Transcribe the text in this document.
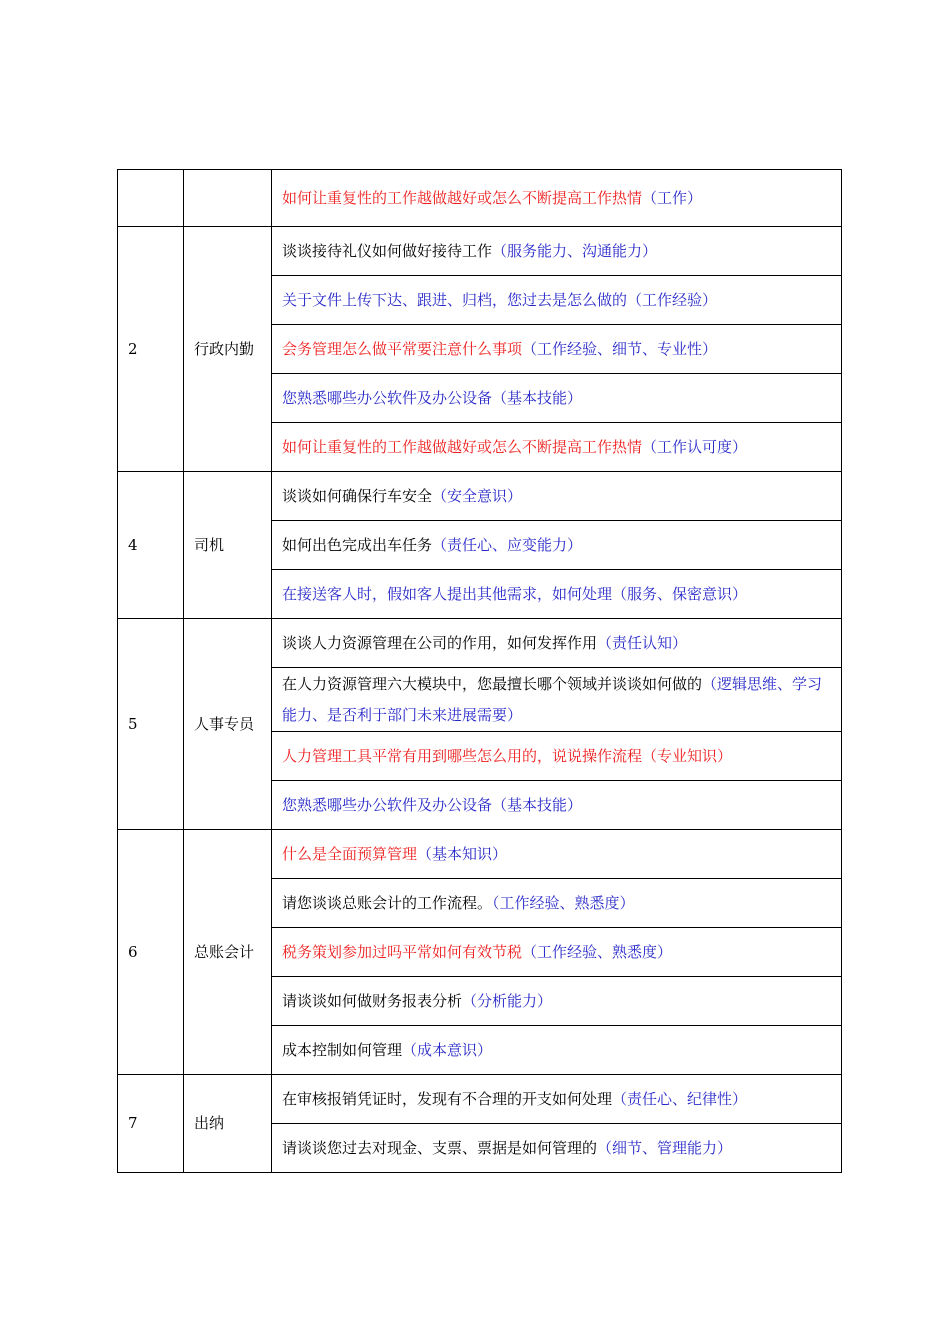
		如何让重复性的工作越做越好或怎么不断提高工作热情（工作）
2	行政内勤	谈谈接待礼仪如何做好接待工作（服务能力、沟通能力）
		关于文件上传下达、跟进、归档，您过去是怎么做的（工作经验）
		会务管理怎么做平常要注意什么事项（工作经验、细节、专业性）
		您熟悉哪些办公软件及办公设备（基本技能）
		如何让重复性的工作越做越好或怎么不断提高工作热情（工作认可度）
4	司机	谈谈如何确保行车安全（安全意识）
		如何出色完成出车任务（责任心、应变能力）
		在接送客人时，假如客人提出其他需求，如何处理（服务、保密意识）
5	人事专员	谈谈人力资源管理在公司的作用，如何发挥作用（责任认知）
		在人力资源管理六大模块中，您最擅长哪个领域并谈谈如何做的（逻辑思维、学习能力、是否利于部门未来进展需要）
		人力管理工具平常有用到哪些怎么用的，说说操作流程（专业知识）
		您熟悉哪些办公软件及办公设备（基本技能）
6	总账会计	什么是全面预算管理（基本知识）
		请您谈谈总账会计的工作流程。（工作经验、熟悉度）
		税务策划参加过吗平常如何有效节税（工作经验、熟悉度）
		请谈谈如何做财务报表分析（分析能力）
		成本控制如何管理（成本意识）
7	出纳	在审核报销凭证时，发现有不合理的开支如何处理（责任心、纪律性）
		请谈谈您过去对现金、支票、票据是如何管理的（细节、管理能力）
